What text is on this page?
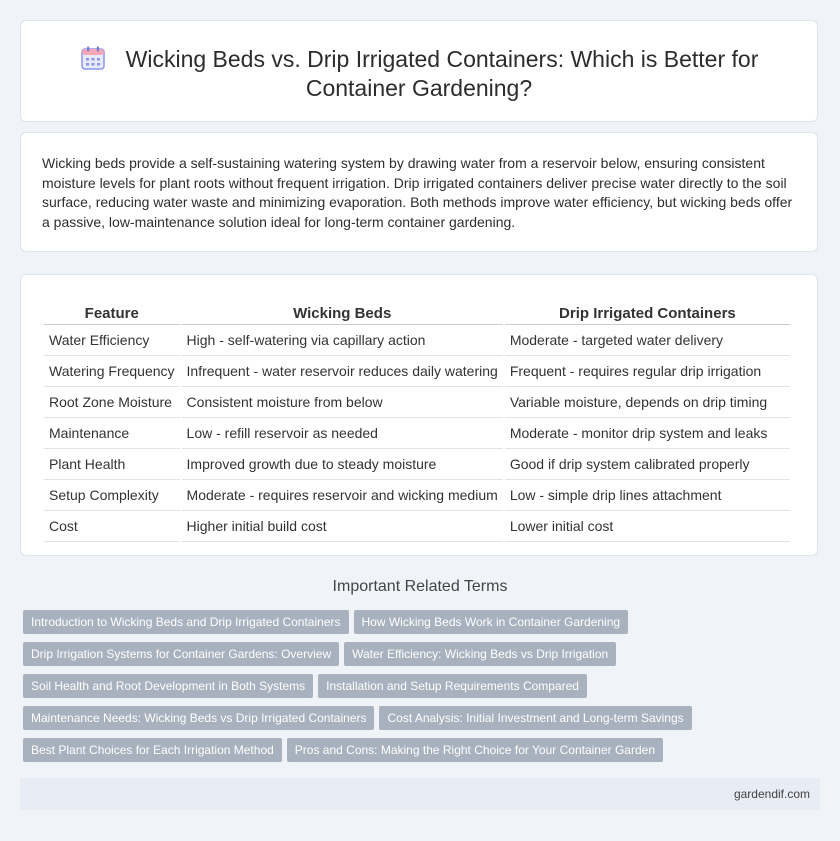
Wicking Beds vs. Drip Irrigated Containers: Which is Better for
Container Gardening?

Wicking beds provide a self-sustaining watering system by drawing water from a reservoir below, ensuring consistent moisture levels for plant roots without frequent irrigation. Drip irrigated containers deliver precise water directly to the soil surface, reducing water waste and minimizing evaporation. Both methods improve water efficiency, but wicking beds offer a passive, low-maintenance solution ideal for long-term container gardening.

Feature	Wicking Beds	Drip Irrigated Containers
Water Efficiency	High - self-watering via capillary action	Moderate - targeted water delivery
Watering Frequency	Infrequent - water reservoir reduces daily watering	Frequent - requires regular drip irrigation
Root Zone Moisture	Consistent moisture from below	Variable moisture, depends on drip timing
Maintenance	Low - refill reservoir as needed	Moderate - monitor drip system and leaks
Plant Health	Improved growth due to steady moisture	Good if drip system calibrated properly
Setup Complexity	Moderate - requires reservoir and wicking medium	Low - simple drip lines attachment
Cost	Higher initial build cost	Lower initial cost
Important Related Terms
Introduction to Wicking Beds and Drip Irrigated Containers How Wicking Beds Work in Container Gardening
Drip Irrigation Systems for Container Gardens: Overview Water Efficiency: Wicking Beds vs Drip Irrigation
Soil Health and Root Development in Both Systems Installation and Setup Requirements Compared
Maintenance Needs: Wicking Beds vs Drip Irrigated Containers Cost Analysis: Initial Investment and Long-term Savings
Best Plant Choices for Each Irrigation Method Pros and Cons: Making the Right Choice for Your Container Garden
gardendif.com
